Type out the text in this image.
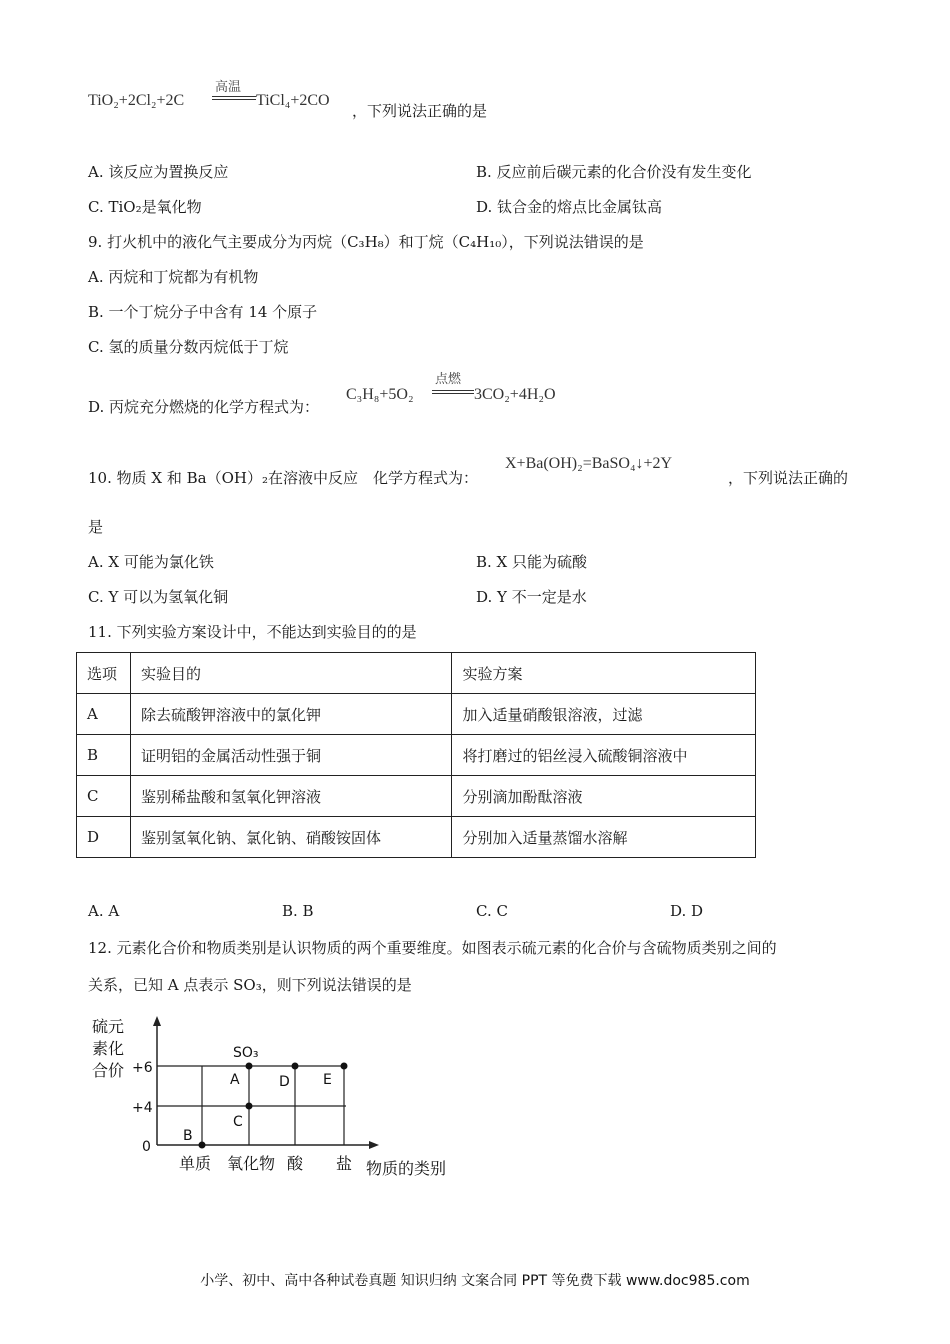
TiO₂+2Cl₂+2C
高温
TiCl₄+2CO
，下列说法正确的是
A. 该反应为置换反应	B. 反应前后碳元素的化合价没有发生变化
C. TiO₂是氧化物	D. 钛合金的熔点比金属钛高
9. 打火机中的液化气主要成分为丙烷（C₃H₈）和丁烷（C₄H₁₀），下列说法错误的是
A. 丙烷和丁烷都为有机物
B. 一个丁烷分子中含有 14 个原子
C. 氢的质量分数丙烷低于丁烷
D. 丙烷充分燃烧的化学方程式为：
C₃H₈+5O₂
点燃
3CO₂+4H₂O
10. 物质 X 和 Ba（OH）₂在溶液中反应　化学方程式为：
X+Ba(OH)₂=BaSO₄↓+2Y
，下列说法正确的
是
A. X 可能为氯化铁	B. X 只能为硫酸
C. Y 可以为氢氧化铜	D. Y 不一定是水
11. 下列实验方案设计中，不能达到实验目的的是
选项	实验目的	实验方案
A	除去硫酸钾溶液中的氯化钾	加入适量硝酸银溶液，过滤
B	证明铝的金属活动性强于铜	将打磨过的铝丝浸入硫酸铜溶液中
C	鉴别稀盐酸和氢氧化钾溶液	分别滴加酚酞溶液
D	鉴别氢氧化钠、氯化钠、硝酸铵固体	分别加入适量蒸馏水溶解
A. A	B. B	C. C	D. D
12. 元素化合价和物质类别是认识物质的两个重要维度。如图表示硫元素的化合价与含硫物质类别之间的
关系，已知 A 点表示 SO₃，则下列说法错误的是
硫元
素化
合价 +6
+4
0
SO₃
A	D E
C
B
单质 氧化物 酸 盐 物质的类别
小学、初中、高中各种试卷真题 知识归纳 文案合同 PPT 等免费下载 www.doc985.com
